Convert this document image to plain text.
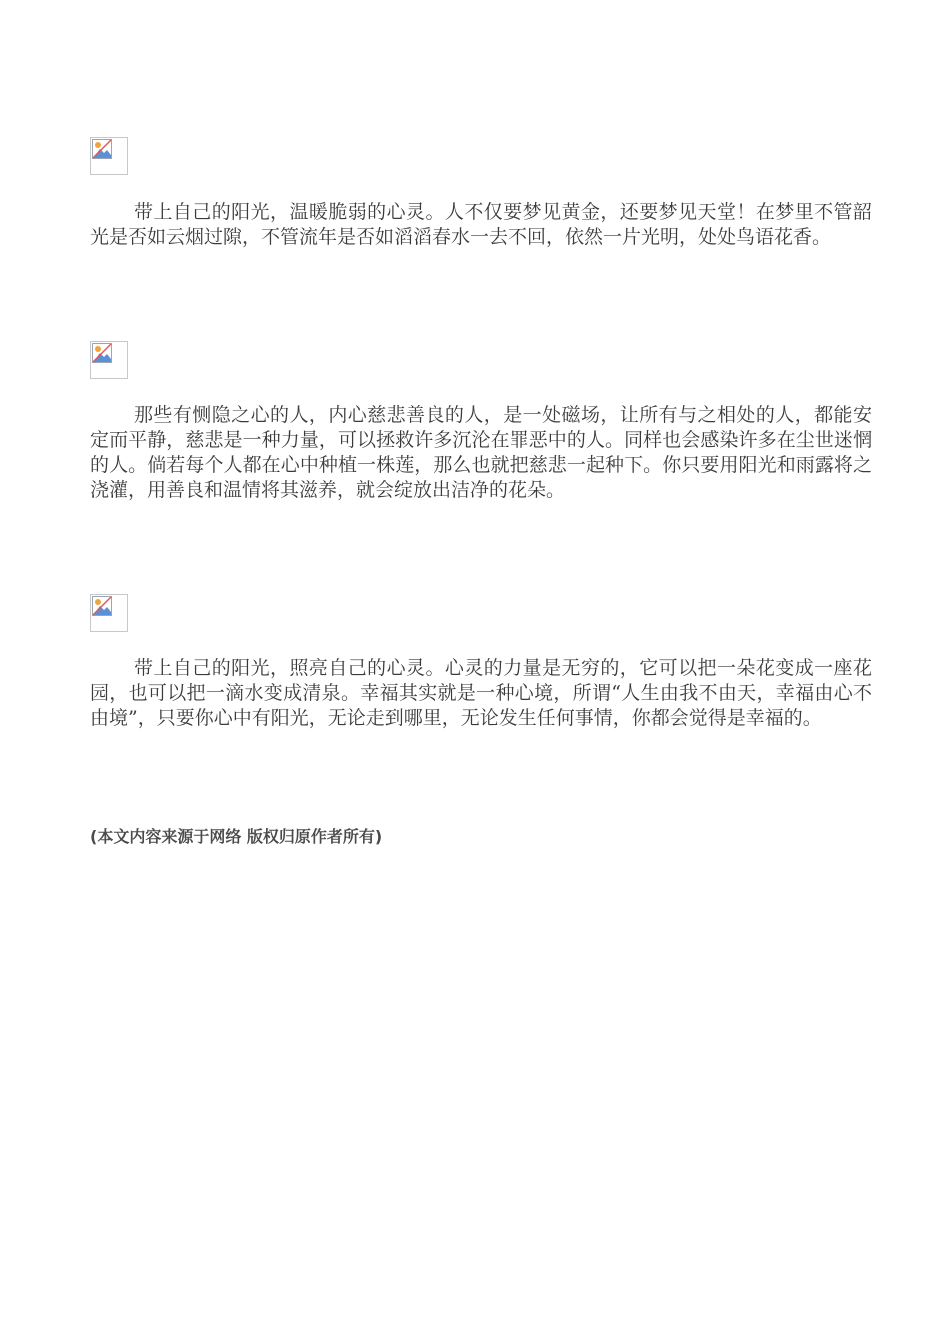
带上自己的阳光，温暖脆弱的心灵。人不仅要梦见黄金，还要梦见天堂！在梦里不管韶光是否如云烟过隙，不管流年是否如滔滔春水一去不回，依然一片光明，处处鸟语花香。

那些有恻隐之心的人，内心慈悲善良的人，是一处磁场，让所有与之相处的人，都能安定而平静，慈悲是一种力量，可以拯救许多沉沦在罪恶中的人。同样也会感染许多在尘世迷惘的人。倘若每个人都在心中种植一株莲，那么也就把慈悲一起种下。你只要用阳光和雨露将之浇灌，用善良和温情将其滋养，就会绽放出洁净的花朵。

带上自己的阳光，照亮自己的心灵。心灵的力量是无穷的，它可以把一朵花变成一座花园，也可以把一滴水变成清泉。幸福其实就是一种心境，所谓“人生由我不由天，幸福由心不由境”，只要你心中有阳光，无论走到哪里，无论发生任何事情，你都会觉得是幸福的。

(本文内容来源于网络 版权归原作者所有)
